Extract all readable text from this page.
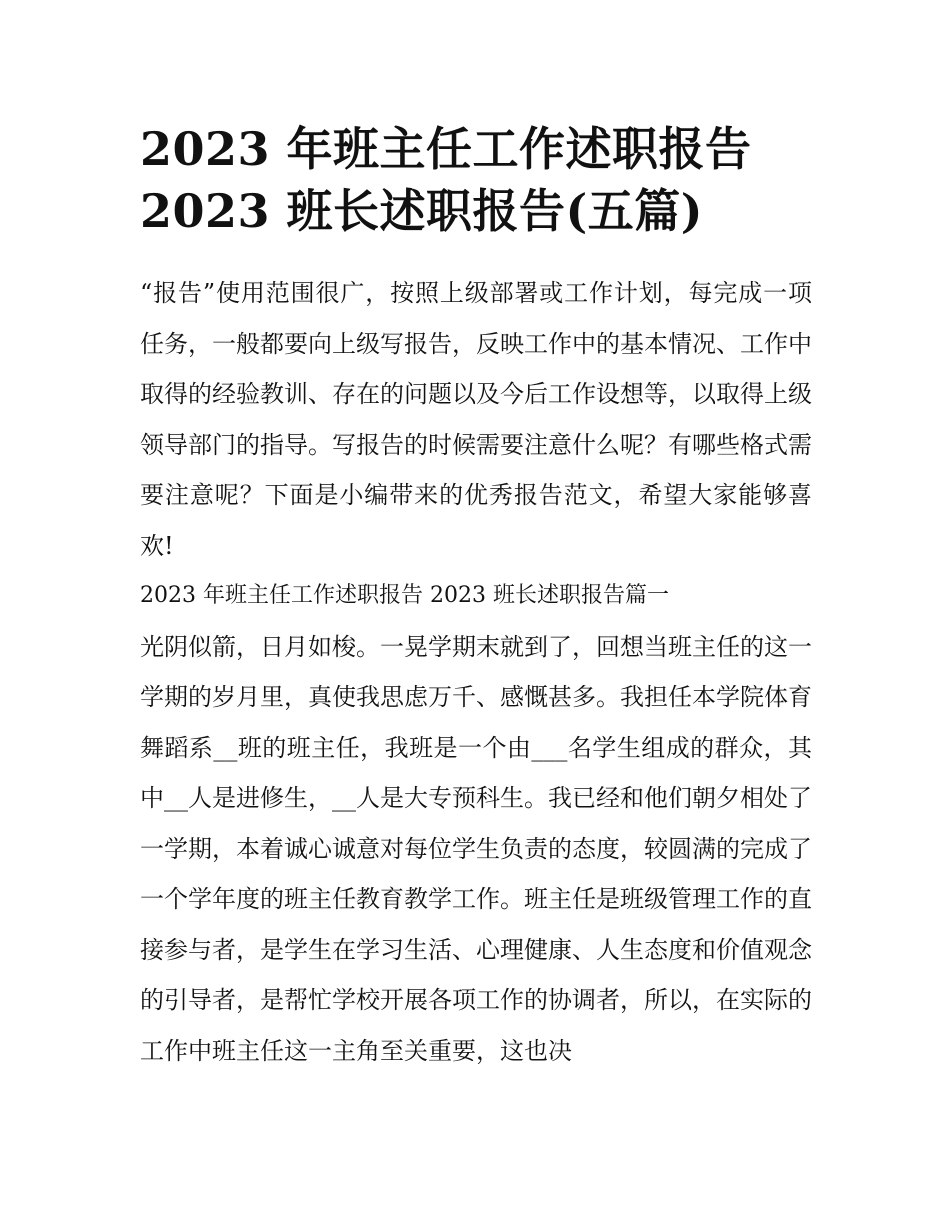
2023 年班主任工作述职报告
2023 班长述职报告(五篇)

“报告”使用范围很广，按照上级部署或工作计划，每完成一项任务，一般都要向上级写报告，反映工作中的基本情况、工作中取得的经验教训、存在的问题以及今后工作设想等，以取得上级领导部门的指导。写报告的时候需要注意什么呢？有哪些格式需要注意呢？下面是小编带来的优秀报告范文，希望大家能够喜欢!

2023 年班主任工作述职报告 2023 班长述职报告篇一

光阴似箭，日月如梭。一晃学期末就到了，回想当班主任的这一学期的岁月里，真使我思虑万千、感慨甚多。我担任本学院体育舞蹈系__班的班主任，我班是一个由___名学生组成的群众，其中__人是进修生，__人是大专预科生。我已经和他们朝夕相处了一学期，本着诚心诚意对每位学生负责的态度，较圆满的完成了一个学年度的班主任教育教学工作。班主任是班级管理工作的直接参与者，是学生在学习生活、心理健康、人生态度和价值观念的引导者，是帮忙学校开展各项工作的协调者，所以，在实际的工作中班主任这一主角至关重要，这也决
